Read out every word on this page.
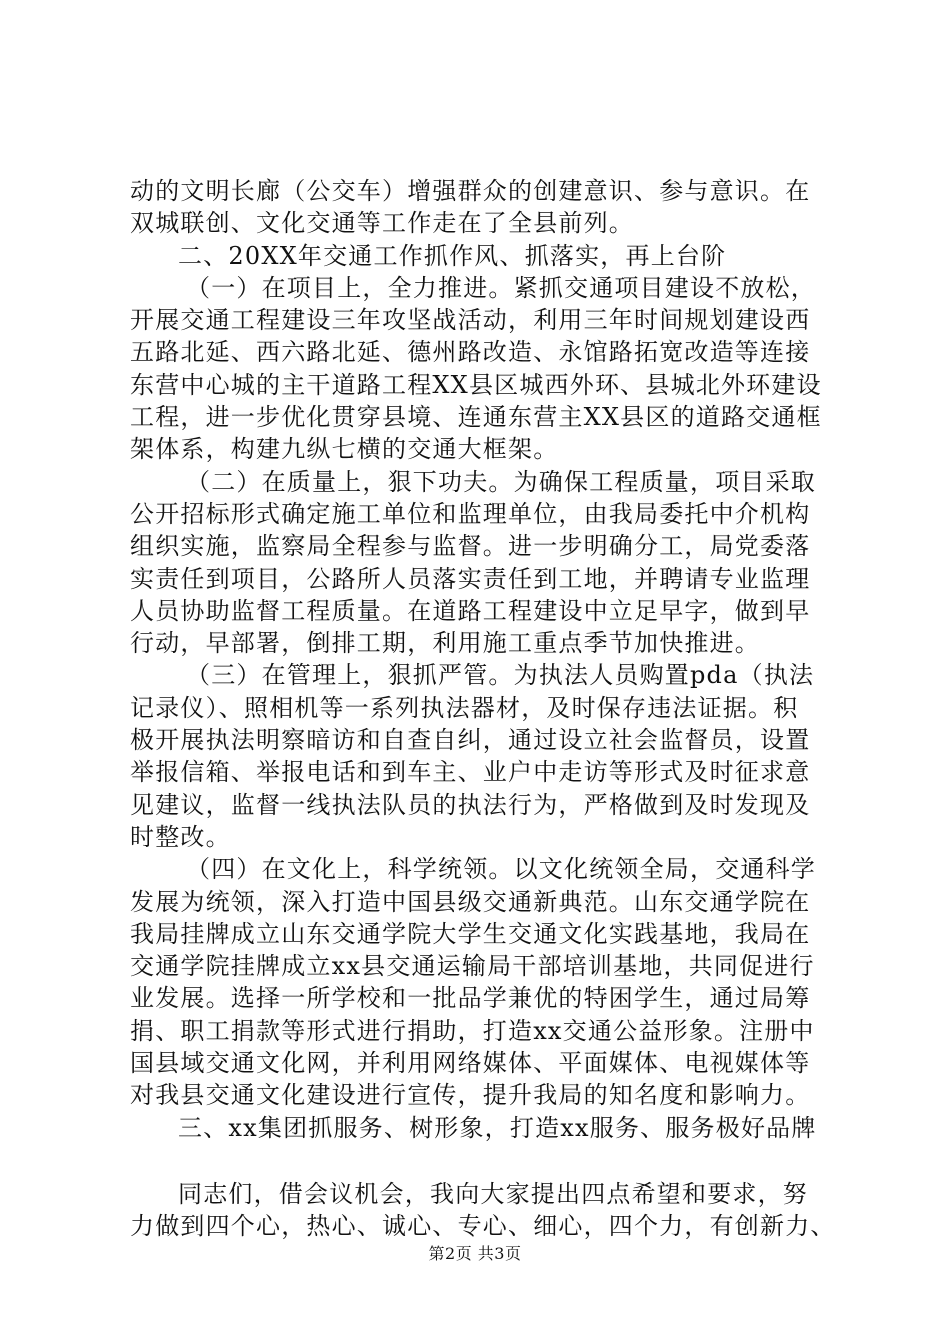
动的文明长廊（公交车）增强群众的创建意识、参与意识。在
双城联创、文化交通等工作走在了全县前列。
二、20XX年交通工作抓作风、抓落实，再上台阶
（一）在项目上，全力推进。紧抓交通项目建设不放松，
开展交通工程建设三年攻坚战活动，利用三年时间规划建设西
五路北延、西六路北延、德州路改造、永馆路拓宽改造等连接
东营中心城的主干道路工程XX县区城西外环、县城北外环建设
工程，进一步优化贯穿县境、连通东营主XX县区的道路交通框
架体系，构建九纵七横的交通大框架。
（二）在质量上，狠下功夫。为确保工程质量，项目采取
公开招标形式确定施工单位和监理单位，由我局委托中介机构
组织实施，监察局全程参与监督。进一步明确分工，局党委落
实责任到项目，公路所人员落实责任到工地，并聘请专业监理
人员协助监督工程质量。在道路工程建设中立足早字，做到早
行动，早部署，倒排工期，利用施工重点季节加快推进。
（三）在管理上，狠抓严管。为执法人员购置pda（执法
记录仪）、照相机等一系列执法器材，及时保存违法证据。积
极开展执法明察暗访和自查自纠，通过设立社会监督员，设置
举报信箱、举报电话和到车主、业户中走访等形式及时征求意
见建议，监督一线执法队员的执法行为，严格做到及时发现及
时整改。
（四）在文化上，科学统领。以文化统领全局，交通科学
发展为统领，深入打造中国县级交通新典范。山东交通学院在
我局挂牌成立山东交通学院大学生交通文化实践基地，我局在
交通学院挂牌成立xx县交通运输局干部培训基地，共同促进行
业发展。选择一所学校和一批品学兼优的特困学生，通过局筹
捐、职工捐款等形式进行捐助，打造xx交通公益形象。注册中
国县域交通文化网，并利用网络媒体、平面媒体、电视媒体等
对我县交通文化建设进行宣传，提升我局的知名度和影响力。
三、xx集团抓服务、树形象，打造xx服务、服务极好品牌
同志们，借会议机会，我向大家提出四点希望和要求，努
力做到四个心，热心、诚心、专心、细心，四个力，有创新力、
第2页 共3页
